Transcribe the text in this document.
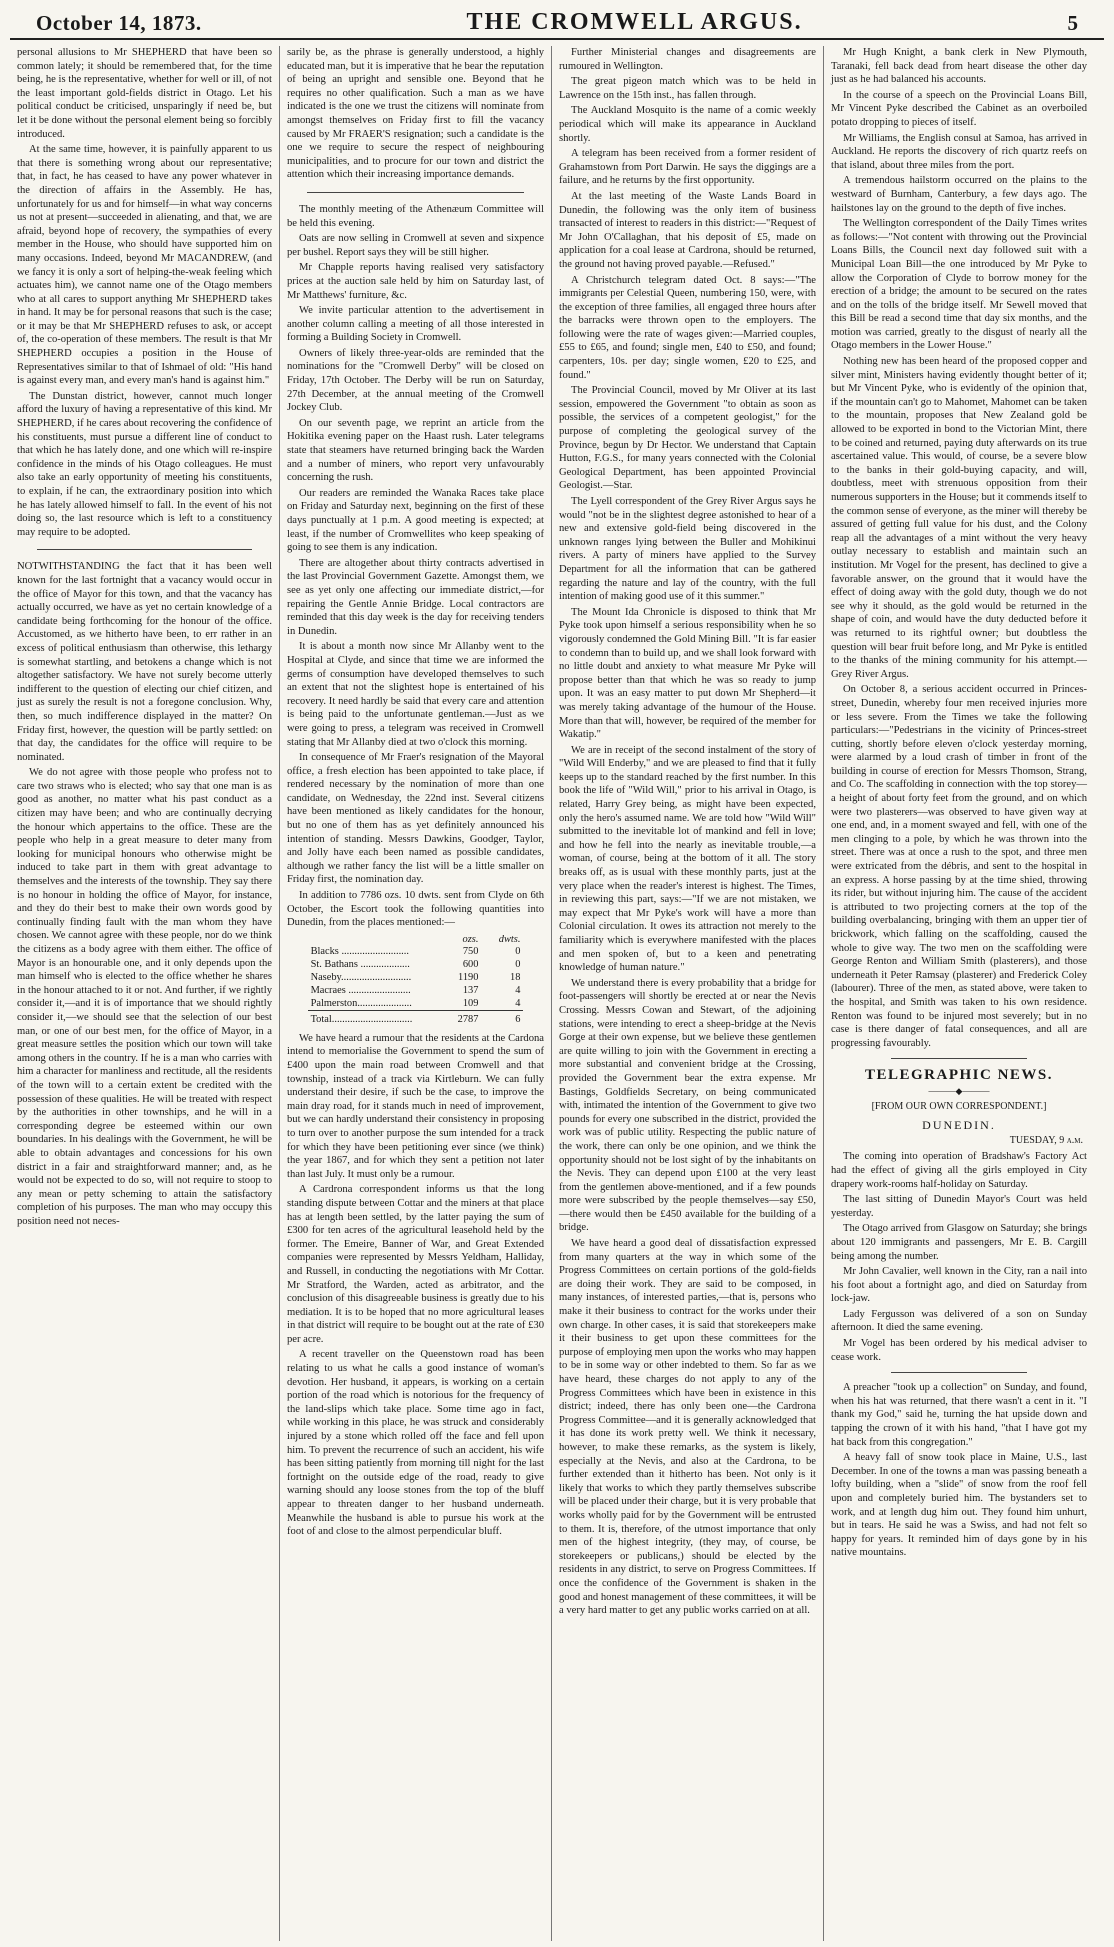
October 14, 1873.	THE CROMWELL ARGUS.	5

personal allusions to Mr SHEPHERD that have been so common lately; it should be remembered that, for the time being, he is the representative, whether for well or ill, of not the least important gold-fields district in Otago. Let his political conduct be criticised, unsparingly if need be, but let it be done without the personal element being so forcibly introduced.

At the same time, however, it is painfully apparent to us that there is something wrong about our representative; that, in fact, he has ceased to have any power whatever in the direction of affairs in the Assembly. He has, unfortunately for us and for himself—in what way concerns us not at present—succeeded in alienating, and that, we are afraid, beyond hope of recovery, the sympathies of every member in the House, who should have supported him on many occasions. Indeed, beyond Mr MACANDREW, (and we fancy it is only a sort of helping-the-weak feeling which actuates him), we cannot name one of the Otago members who at all cares to support anything Mr SHEPHERD takes in hand. It may be for personal reasons that such is the case; or it may be that Mr SHEPHERD refuses to ask, or accept of, the co-operation of these members. The result is that Mr SHEPHERD occupies a position in the House of Representatives similar to that of Ishmael of old: "His hand is against every man, and every man's hand is against him."

The Dunstan district, however, cannot much longer afford the luxury of having a representative of this kind. Mr SHEPHERD, if he cares about recovering the confidence of his constituents, must pursue a different line of conduct to that which he has lately done, and one which will re-inspire confidence in the minds of his Otago colleagues. He must also take an early opportunity of meeting his constituents, to explain, if he can, the extraordinary position into which he has lately allowed himself to fall. In the event of his not doing so, the last resource which is left to a constituency may require to be adopted.

NOTWITHSTANDING the fact that it has been well known for the last fortnight that a vacancy would occur in the office of Mayor for this town, and that the vacancy has actually occurred, we have as yet no certain knowledge of a candidate being forthcoming for the honour of the office. Accustomed, as we hitherto have been, to err rather in an excess of political enthusiasm than otherwise, this lethargy is somewhat startling, and betokens a change which is not altogether satisfactory. We have not surely become utterly indifferent to the question of electing our chief citizen, and just as surely the result is not a foregone conclusion. Why, then, so much indifference displayed in the matter? On Friday first, however, the question will be partly settled: on that day, the candidates for the office will require to be nominated.

We do not agree with those people who profess not to care two straws who is elected; who say that one man is as good as another, no matter what his past conduct as a citizen may have been; and who are continually decrying the honour which appertains to the office. These are the people who help in a great measure to deter many from looking for municipal honours who otherwise might be induced to take part in them with great advantage to themselves and the interests of the township. They say there is no honour in holding the office of Mayor, for instance, and they do their best to make their own words good by continually finding fault with the man whom they have chosen. We cannot agree with these people, nor do we think the citizens as a body agree with them either. The office of Mayor is an honourable one, and it only depends upon the man himself who is elected to the office whether he shares in the honour attached to it or not. And further, if we rightly consider it,—and it is of importance that we should rightly consider it,—we should see that the selection of our best man, or one of our best men, for the office of Mayor, in a great measure settles the position which our town will take among others in the country. If he is a man who carries with him a character for manliness and rectitude, all the residents of the town will to a certain extent be credited with the possession of these qualities. He will be treated with respect by the authorities in other townships, and he will in a corresponding degree be esteemed within our own boundaries. In his dealings with the Government, he will be able to obtain advantages and concessions for his own district in a fair and straightforward manner; and, as he would not be expected to do so, will not require to stoop to any mean or petty scheming to attain the satisfactory completion of his purposes. The man who may occupy this position need not neces-

sarily be, as the phrase is generally understood, a highly educated man, but it is imperative that he bear the reputation of being an upright and sensible one. Beyond that he requires no other qualification. Such a man as we have indicated is the one we trust the citizens will nominate from amongst themselves on Friday first to fill the vacancy caused by Mr FRAER'S resignation; such a candidate is the one we require to secure the respect of neighbouring municipalities, and to procure for our town and district the attention which their increasing importance demands.

The monthly meeting of the Athenæum Committee will be held this evening.

Oats are now selling in Cromwell at seven and sixpence per bushel. Report says they will be still higher.

Mr Chapple reports having realised very satisfactory prices at the auction sale held by him on Saturday last, of Mr Matthews' furniture, &c.

We invite particular attention to the advertisement in another column calling a meeting of all those interested in forming a Building Society in Cromwell.

Owners of likely three-year-olds are reminded that the nominations for the "Cromwell Derby" will be closed on Friday, 17th October. The Derby will be run on Saturday, 27th December, at the annual meeting of the Cromwell Jockey Club.

On our seventh page, we reprint an article from the Hokitika evening paper on the Haast rush. Later telegrams state that steamers have returned bringing back the Warden and a number of miners, who report very unfavourably concerning the rush.

Our readers are reminded the Wanaka Races take place on Friday and Saturday next, beginning on the first of these days punctually at 1 p.m. A good meeting is expected; at least, if the number of Cromwellites who keep speaking of going to see them is any indication.

There are altogether about thirty contracts advertised in the last Provincial Government Gazette. Amongst them, we see as yet only one affecting our immediate district,—for repairing the Gentle Annie Bridge. Local contractors are reminded that this day week is the day for receiving tenders in Dunedin.

It is about a month now since Mr Allanby went to the Hospital at Clyde, and since that time we are informed the germs of consumption have developed themselves to such an extent that not the slightest hope is entertained of his recovery. It need hardly be said that every care and attention is being paid to the unfortunate gentleman.—Just as we were going to press, a telegram was received in Cromwell stating that Mr Allanby died at two o'clock this morning.

In consequence of Mr Fraer's resignation of the Mayoral office, a fresh election has been appointed to take place, if rendered necessary by the nomination of more than one candidate, on Wednesday, the 22nd inst. Several citizens have been mentioned as likely candidates for the honour, but no one of them has as yet definitely announced his intention of standing. Messrs Dawkins, Goodger, Taylor, and Jolly have each been named as possible candidates, although we rather fancy the list will be a little smaller on Friday first, the nomination day.

In addition to 7786 ozs. 10 dwts. sent from Clyde on 6th October, the Escort took the following quantities into Dunedin, from the places mentioned:—

	ozs.	dwts.
Blacks ..........................	750	0
St. Bathans ...................	600	0
Naseby...........................	1190	18
Macraes ........................	137	4
Palmerston.....................	109	4
Total...............................	2787	6

We have heard a rumour that the residents at the Cardona intend to memorialise the Government to spend the sum of £400 upon the main road between Cromwell and that township, instead of a track via Kirtleburn. We can fully understand their desire, if such be the case, to improve the main dray road, for it stands much in need of improvement, but we can hardly understand their consistency in proposing to turn over to another purpose the sum intended for a track for which they have been petitioning ever since (we think) the year 1867, and for which they sent a petition not later than last July. It must only be a rumour.

A Cardrona correspondent informs us that the long standing dispute between Cottar and the miners at that place has at length been settled, by the latter paying the sum of £300 for ten acres of the agricultural leasehold held by the former. The Emeire, Banner of War, and Great Extended companies were represented by Messrs Yeldham, Halliday, and Russell, in conducting the negotiations with Mr Cottar. Mr Stratford, the Warden, acted as arbitrator, and the conclusion of this disagreeable business is greatly due to his mediation. It is to be hoped that no more agricultural leases in that district will require to be bought out at the rate of £30 per acre.

A recent traveller on the Queenstown road has been relating to us what he calls a good instance of woman's devotion. Her husband, it appears, is working on a certain portion of the road which is notorious for the frequency of the land-slips which take place. Some time ago in fact, while working in this place, he was struck and considerably injured by a stone which rolled off the face and fell upon him. To prevent the recurrence of such an accident, his wife has been sitting patiently from morning till night for the last fortnight on the outside edge of the road, ready to give warning should any loose stones from the top of the bluff appear to threaten danger to her husband underneath. Meanwhile the husband is able to pursue his work at the foot of and close to the almost perpendicular bluff.

Further Ministerial changes and disagreements are rumoured in Wellington.

The great pigeon match which was to be held in Lawrence on the 15th inst., has fallen through.

The Auckland Mosquito is the name of a comic weekly periodical which will make its appearance in Auckland shortly.

A telegram has been received from a former resident of Grahamstown from Port Darwin. He says the diggings are a failure, and he returns by the first opportunity.

At the last meeting of the Waste Lands Board in Dunedin, the following was the only item of business transacted of interest to readers in this district:—"Request of Mr John O'Callaghan, that his deposit of £5, made on application for a coal lease at Cardrona, should be returned, the ground not having proved payable.—Refused."

A Christchurch telegram dated Oct. 8 says:—"The immigrants per Celestial Queen, numbering 150, were, with the exception of three families, all engaged three hours after the barracks were thrown open to the employers. The following were the rate of wages given:—Married couples, £55 to £65, and found; single men, £40 to £50, and found; carpenters, 10s. per day; single women, £20 to £25, and found."

The Provincial Council, moved by Mr Oliver at its last session, empowered the Government "to obtain as soon as possible, the services of a competent geologist," for the purpose of completing the geological survey of the Province, begun by Dr Hector. We understand that Captain Hutton, F.G.S., for many years connected with the Colonial Geological Department, has been appointed Provincial Geologist.—Star.

The Lyell correspondent of the Grey River Argus says he would "not be in the slightest degree astonished to hear of a new and extensive gold-field being discovered in the unknown ranges lying between the Buller and Mohikinui rivers. A party of miners have applied to the Survey Department for all the information that can be gathered regarding the nature and lay of the country, with the full intention of making good use of it this summer."

The Mount Ida Chronicle is disposed to think that Mr Pyke took upon himself a serious responsibility when he so vigorously condemned the Gold Mining Bill. "It is far easier to condemn than to build up, and we shall look forward with no little doubt and anxiety to what measure Mr Pyke will propose better than that which he was so ready to jump upon. It was an easy matter to put down Mr Shepherd—it was merely taking advantage of the humour of the House. More than that will, however, be required of the member for Wakatip."

We are in receipt of the second instalment of the story of "Wild Will Enderby," and we are pleased to find that it fully keeps up to the standard reached by the first number. In this book the life of "Wild Will," prior to his arrival in Otago, is related, Harry Grey being, as might have been expected, only the hero's assumed name. We are told how "Wild Will" submitted to the inevitable lot of mankind and fell in love; and how he fell into the nearly as inevitable trouble,—a woman, of course, being at the bottom of it all. The story breaks off, as is usual with these monthly parts, just at the very place when the reader's interest is highest. The Times, in reviewing this part, says:—"If we are not mistaken, we may expect that Mr Pyke's work will have a more than Colonial circulation. It owes its attraction not merely to the familiarity which is everywhere manifested with the places and men spoken of, but to a keen and penetrating knowledge of human nature."

We understand there is every probability that a bridge for foot-passengers will shortly be erected at or near the Nevis Crossing. Messrs Cowan and Stewart, of the adjoining stations, were intending to erect a sheep-bridge at the Nevis Gorge at their own expense, but we believe these gentlemen are quite willing to join with the Government in erecting a more substantial and convenient bridge at the Crossing, provided the Government bear the extra expense. Mr Bastings, Goldfields Secretary, on being communicated with, intimated the intention of the Government to give two pounds for every one subscribed in the district, provided the work was of public utility. Respecting the public nature of the work, there can only be one opinion, and we think the opportunity should not be lost sight of by the inhabitants on the Nevis. They can depend upon £100 at the very least from the gentlemen above-mentioned, and if a few pounds more were subscribed by the people themselves—say £50,—there would then be £450 available for the building of a bridge.

We have heard a good deal of dissatisfaction expressed from many quarters at the way in which some of the Progress Committees on certain portions of the gold-fields are doing their work. They are said to be composed, in many instances, of interested parties,—that is, persons who make it their business to contract for the works under their own charge. In other cases, it is said that storekeepers make it their business to get upon these committees for the purpose of employing men upon the works who may happen to be in some way or other indebted to them. So far as we have heard, these charges do not apply to any of the Progress Committees which have been in existence in this district; indeed, there has only been one—the Cardrona Progress Committee—and it is generally acknowledged that it has done its work pretty well. We think it necessary, however, to make these remarks, as the system is likely, especially at the Nevis, and also at the Cardrona, to be further extended than it hitherto has been. Not only is it likely that works to which they partly themselves subscribe will be placed under their charge, but it is very probable that works wholly paid for by the Government will be entrusted to them. It is, therefore, of the utmost importance that only men of the highest integrity, (they may, of course, be storekeepers or publicans,) should be elected by the residents in any district, to serve on Progress Committees. If once the confidence of the Government is shaken in the good and honest management of these committees, it will be a very hard matter to get any public works carried on at all.

Mr Hugh Knight, a bank clerk in New Plymouth, Taranaki, fell back dead from heart disease the other day just as he had balanced his accounts.

In the course of a speech on the Provincial Loans Bill, Mr Vincent Pyke described the Cabinet as an overboiled potato dropping to pieces of itself.

Mr Williams, the English consul at Samoa, has arrived in Auckland. He reports the discovery of rich quartz reefs on that island, about three miles from the port.

A tremendous hailstorm occurred on the plains to the westward of Burnham, Canterbury, a few days ago. The hailstones lay on the ground to the depth of five inches.

The Wellington correspondent of the Daily Times writes as follows:—"Not content with throwing out the Provincial Loans Bills, the Council next day followed suit with a Municipal Loan Bill—the one introduced by Mr Pyke to allow the Corporation of Clyde to borrow money for the erection of a bridge; the amount to be secured on the rates and on the tolls of the bridge itself. Mr Sewell moved that this Bill be read a second time that day six months, and the motion was carried, greatly to the disgust of nearly all the Otago members in the Lower House."

Nothing new has been heard of the proposed copper and silver mint, Ministers having evidently thought better of it; but Mr Vincent Pyke, who is evidently of the opinion that, if the mountain can't go to Mahomet, Mahomet can be taken to the mountain, proposes that New Zealand gold be allowed to be exported in bond to the Victorian Mint, there to be coined and returned, paying duty afterwards on its true ascertained value. This would, of course, be a severe blow to the banks in their gold-buying capacity, and will, doubtless, meet with strenuous opposition from their numerous supporters in the House; but it commends itself to the common sense of everyone, as the miner will thereby be assured of getting full value for his dust, and the Colony reap all the advantages of a mint without the very heavy outlay necessary to establish and maintain such an institution. Mr Vogel for the present, has declined to give a favorable answer, on the ground that it would have the effect of doing away with the gold duty, though we do not see why it should, as the gold would be returned in the shape of coin, and would have the duty deducted before it was returned to its rightful owner; but doubtless the question will bear fruit before long, and Mr Pyke is entitled to the thanks of the mining community for his attempt.—Grey River Argus.

On October 8, a serious accident occurred in Princes-street, Dunedin, whereby four men received injuries more or less severe. From the Times we take the following particulars:—"Pedestrians in the vicinity of Princes-street cutting, shortly before eleven o'clock yesterday morning, were alarmed by a loud crash of timber in front of the building in course of erection for Messrs Thomson, Strang, and Co. The scaffolding in connection with the top storey—a height of about forty feet from the ground, and on which were two plasterers—was observed to have given way at one end, and, in a moment swayed and fell, with one of the men clinging to a pole, by which he was thrown into the street. There was at once a rush to the spot, and three men were extricated from the débris, and sent to the hospital in an express. A horse passing by at the time shied, throwing its rider, but without injuring him. The cause of the accident is attributed to two projecting corners at the top of the building overbalancing, bringing with them an upper tier of brickwork, which falling on the scaffolding, caused the whole to give way. The two men on the scaffolding were George Renton and William Smith (plasterers), and those underneath it Peter Ramsay (plasterer) and Frederick Coley (labourer). Three of the men, as stated above, were taken to the hospital, and Smith was taken to his own residence. Renton was found to be injured most severely; but in no case is there danger of fatal consequences, and all are progressing favourably.

TELEGRAPHIC NEWS.
———◆———
[FROM OUR OWN CORRESPONDENT.]
DUNEDIN.
TUESDAY, 9 a.m.

The coming into operation of Bradshaw's Factory Act had the effect of giving all the girls employed in City drapery work-rooms half-holiday on Saturday.

The last sitting of Dunedin Mayor's Court was held yesterday.

The Otago arrived from Glasgow on Saturday; she brings about 120 immigrants and passengers, Mr E. B. Cargill being among the number.

Mr John Cavalier, well known in the City, ran a nail into his foot about a fortnight ago, and died on Saturday from lock-jaw.

Lady Fergusson was delivered of a son on Sunday afternoon. It died the same evening.

Mr Vogel has been ordered by his medical adviser to cease work.

A preacher "took up a collection" on Sunday, and found, when his hat was returned, that there wasn't a cent in it. "I thank my God," said he, turning the hat upside down and tapping the crown of it with his hand, "that I have got my hat back from this congregation."

A heavy fall of snow took place in Maine, U.S., last December. In one of the towns a man was passing beneath a lofty building, when a "slide" of snow from the roof fell upon and completely buried him. The bystanders set to work, and at length dug him out. They found him unhurt, but in tears. He said he was a Swiss, and had not felt so happy for years. It reminded him of days gone by in his native mountains.
